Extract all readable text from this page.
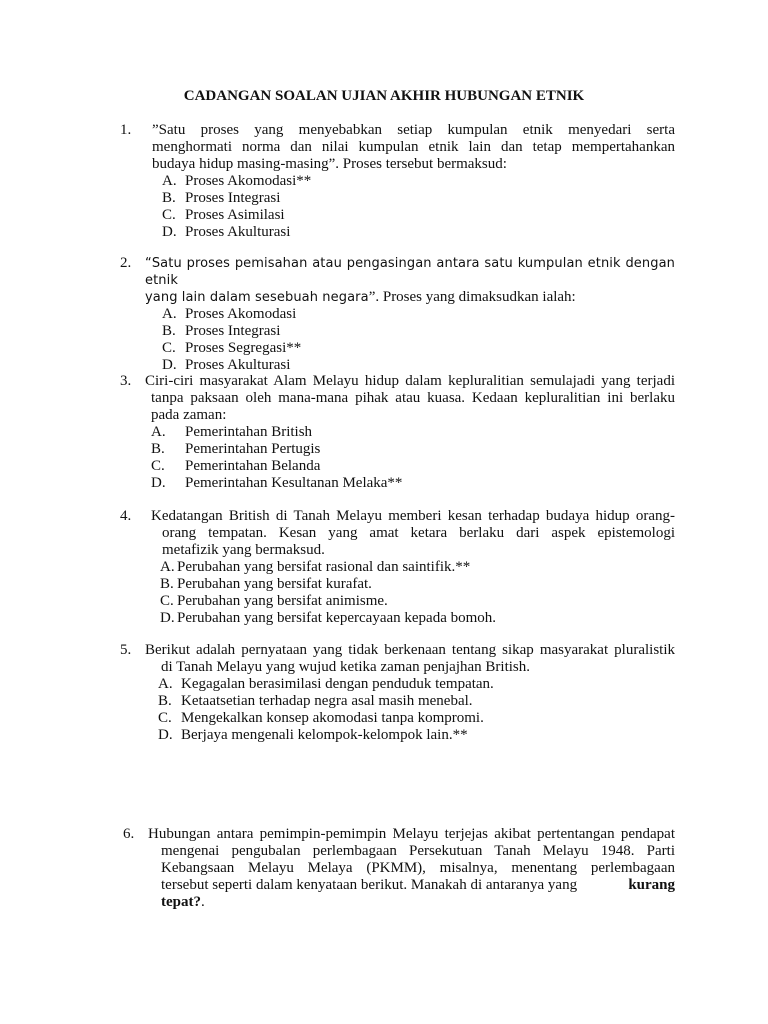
CADANGAN SOALAN UJIAN AKHIR HUBUNGAN ETNIK
1. ”Satu proses yang menyebabkan setiap kumpulan etnik menyedari serta
menghormati norma dan nilai kumpulan etnik lain dan tetap mempertahankan
budaya hidup masing-masing”. Proses tersebut bermaksud:
A. Proses Akomodasi**
B. Proses Integrasi
C. Proses Asimilasi
D. Proses Akulturasi
2. “Satu proses pemisahan atau pengasingan antara satu kumpulan etnik dengan etnik
yang lain dalam sesebuah negara”. Proses yang dimaksudkan ialah:
A. Proses Akomodasi
B. Proses Integrasi
C. Proses Segregasi**
D. Proses Akulturasi
3. Ciri-ciri masyarakat Alam Melayu hidup dalam kepluralitian semulajadi yang terjadi
tanpa paksaan oleh mana-mana pihak atau kuasa. Kedaan kepluralitian ini berlaku
pada zaman:
A. Pemerintahan British
B. Pemerintahan Pertugis
C. Pemerintahan Belanda
D. Pemerintahan Kesultanan Melaka**
4. Kedatangan British di Tanah Melayu memberi kesan terhadap budaya hidup orang-
orang tempatan. Kesan yang amat ketara berlaku dari aspek epistemologi
metafizik yang bermaksud.
A. Perubahan yang bersifat rasional dan saintifik.**
B. Perubahan yang bersifat kurafat.
C. Perubahan yang bersifat animisme.
D. Perubahan yang bersifat kepercayaan kepada bomoh.
5. Berikut adalah pernyataan yang tidak berkenaan tentang sikap masyarakat pluralistik
di Tanah Melayu yang wujud ketika zaman penjajhan British.
A. Kegagalan berasimilasi dengan penduduk tempatan.
B. Ketaatsetian terhadap negra asal masih menebal.
C. Mengekalkan konsep akomodasi tanpa kompromi.
D. Berjaya mengenali kelompok-kelompok lain.**
6. Hubungan antara pemimpin-pemimpin Melayu terjejas akibat pertentangan pendapat
mengenai pengubalan perlembagaan Persekutuan Tanah Melayu 1948. Parti
Kebangsaan Melayu Melaya (PKMM), misalnya, menentang perlembagaan
tersebut seperti dalam kenyataan berikut. Manakah di antaranya yang	kurang
tepat?.
